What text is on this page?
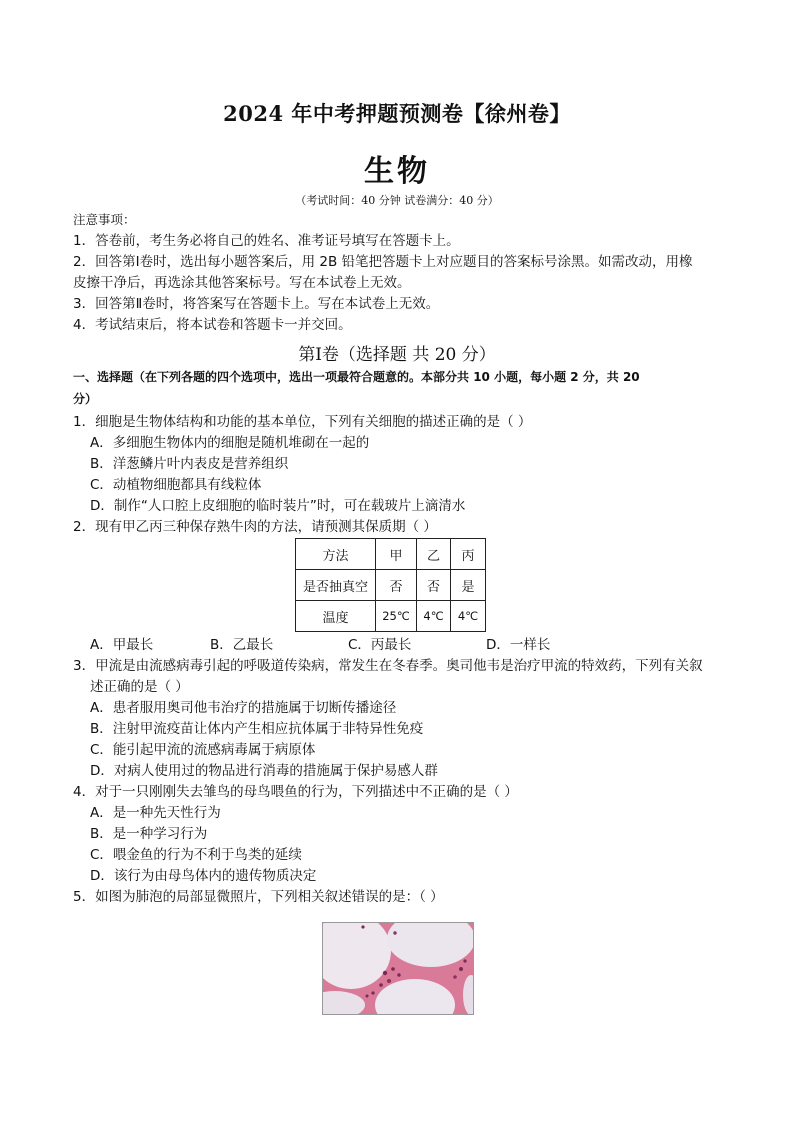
2024 年中考押题预测卷【徐州卷】
生物
（考试时间：40 分钟 试卷满分：40 分）
注意事项：
1．答卷前，考生务必将自己的姓名、准考证号填写在答题卡上。
2．回答第Ⅰ卷时，选出每小题答案后，用 2B 铅笔把答题卡上对应题目的答案标号涂黑。如需改动，用橡
皮擦干净后，再选涂其他答案标号。写在本试卷上无效。
3．回答第Ⅱ卷时，将答案写在答题卡上。写在本试卷上无效。
4．考试结束后，将本试卷和答题卡一并交回。
第Ⅰ卷（选择题 共 20 分）
一、选择题（在下列各题的四个选项中，选出一项最符合题意的。本部分共 10 小题，每小题 2 分，共 20
分）
1．细胞是生物体结构和功能的基本单位，下列有关细胞的描述正确的是（ ）
A．多细胞生物体内的细胞是随机堆砌在一起的
B．洋葱鳞片叶内表皮是营养组织
C．动植物细胞都具有线粒体
D．制作“人口腔上皮细胞的临时装片”时，可在载玻片上滴清水
2．现有甲乙丙三种保存熟牛肉的方法，请预测其保质期（ ）
方法	甲	乙	丙
是否抽真空	否	否	是
温度	25℃	4℃	4℃
A．甲最长	B．乙最长	C．丙最长	D．一样长
3．甲流是由流感病毒引起的呼吸道传染病，常发生在冬春季。奥司他韦是治疗甲流的特效药，下列有关叙
述正确的是（ ）
A．患者服用奥司他韦治疗的措施属于切断传播途径
B．注射甲流疫苗让体内产生相应抗体属于非特异性免疫
C．能引起甲流的流感病毒属于病原体
D．对病人使用过的物品进行消毒的措施属于保护易感人群
4．对于一只刚刚失去雏鸟的母鸟喂鱼的行为，下列描述中不正确的是（ ）
A．是一种先天性行为
B．是一种学习行为
C．喂金鱼的行为不利于鸟类的延续
D．该行为由母鸟体内的遗传物质决定
5．如图为肺泡的局部显微照片，下列相关叙述错误的是：（ ）
